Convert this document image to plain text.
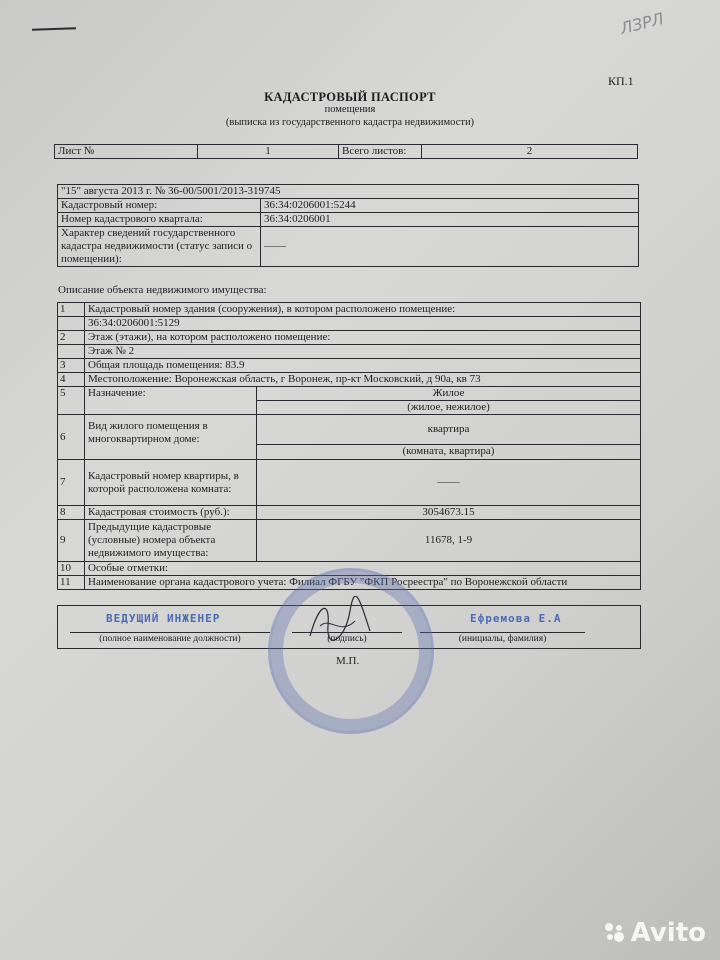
ЛЗРЛ
КП.1
КАДАСТРОВЫЙ ПАСПОРТ
помещения
(выписка из государственного кадастра недвижимости)
Лист №	1	Всего листов:	2
"15" августа 2013 г. № 36-00/5001/2013-319745	
Кадастровый номер:	36:34:0206001:5244
Номер кадастрового квартала:	36:34:0206001
Характер сведений государственного кадастра недвижимости (статус записи о помещении):	——
Описание объекта недвижимого имущества:
1	Кадастровый номер здания (сооружения), в котором расположено помещение:	
	36:34:0206001:5129	
2	Этаж (этажи), на котором расположено помещение:	
	Этаж № 2	
3	Общая площадь помещения: 83.9	
4	Местоположение: Воронежская область, г Воронеж, пр-кт Московский, д 90а, кв 73	
5	Назначение:	Жилое
		(жилое, нежилое)
6	Вид жилого помещения в многоквартирном доме:	квартира
		(комната, квартира)
7	Кадастровый номер квартиры, в которой расположена комната:	——
8	Кадастровая стоимость (руб.):	3054673.15
9	Предыдущие кадастровые (условные) номера объекта недвижимого имущества:	11678, 1-9
10	Особые отметки:	
11	Наименование органа кадастрового учета: Филиал ФГБУ "ФКП Росреестра" по Воронежской области	
ВЕДУЩИЙ ИНЖЕНЕР
(полное наименование должности)	(подпись)
Ефремова Е.А
(инициалы, фамилия)
М.П.
Avito
